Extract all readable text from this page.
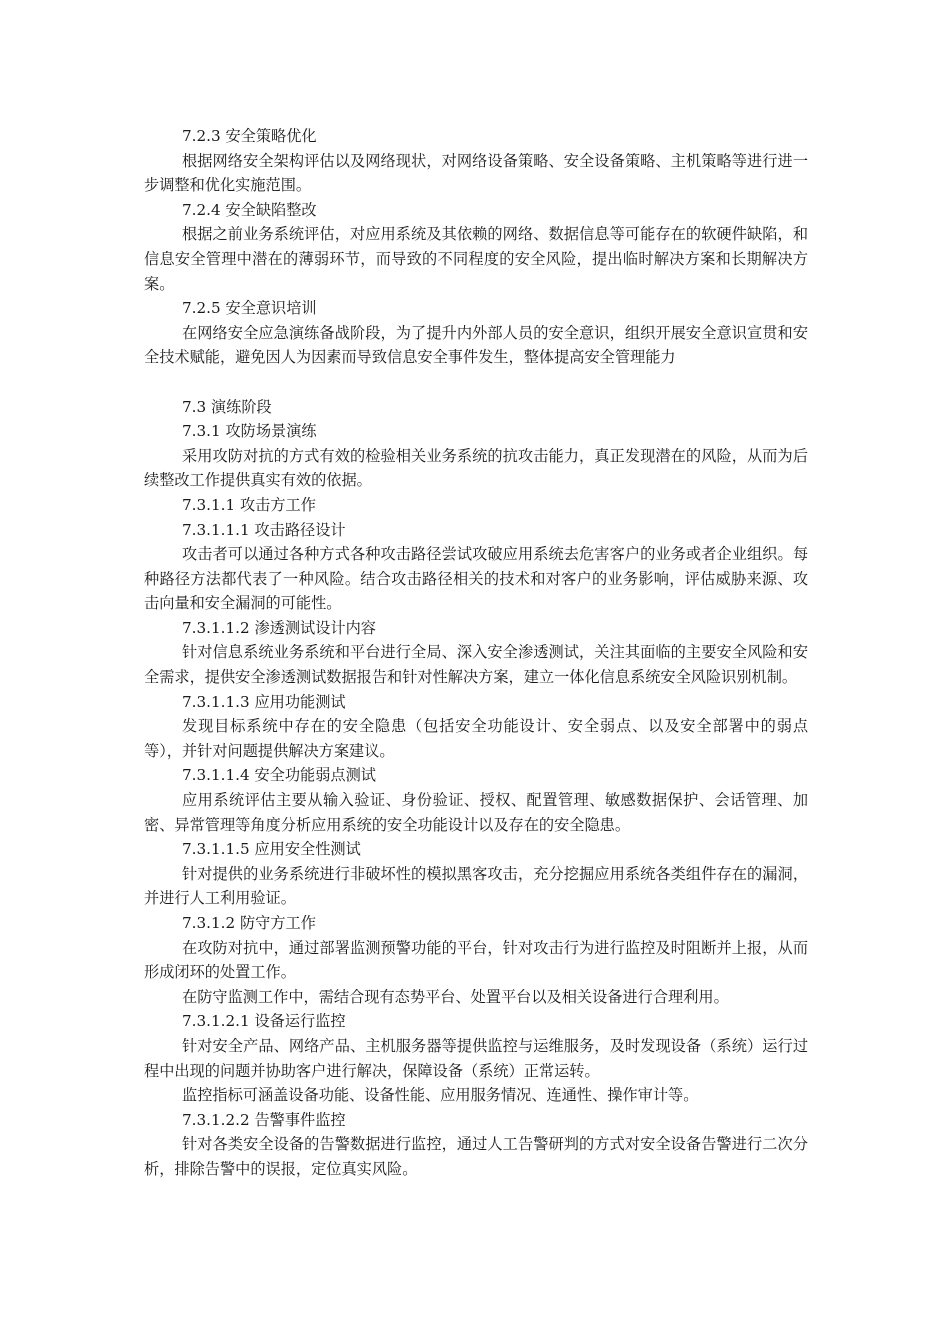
7.2.3 安全策略优化
根据网络安全架构评估以及网络现状，对网络设备策略、安全设备策略、主机策略等进行进一步调整和优化实施范围。
7.2.4 安全缺陷整改
根据之前业务系统评估，对应用系统及其依赖的网络、数据信息等可能存在的软硬件缺陷，和信息安全管理中潜在的薄弱环节，而导致的不同程度的安全风险，提出临时解决方案和长期解决方案。
7.2.5 安全意识培训
在网络安全应急演练备战阶段，为了提升内外部人员的安全意识，组织开展安全意识宣贯和安全技术赋能，避免因人为因素而导致信息安全事件发生，整体提高安全管理能力
7.3 演练阶段
7.3.1 攻防场景演练
采用攻防对抗的方式有效的检验相关业务系统的抗攻击能力，真正发现潜在的风险，从而为后续整改工作提供真实有效的依据。
7.3.1.1 攻击方工作
7.3.1.1.1 攻击路径设计
攻击者可以通过各种方式各种攻击路径尝试攻破应用系统去危害客户的业务或者企业组织。每种路径方法都代表了一种风险。结合攻击路径相关的技术和对客户的业务影响，评估威胁来源、攻击向量和安全漏洞的可能性。
7.3.1.1.2 渗透测试设计内容
针对信息系统业务系统和平台进行全局、深入安全渗透测试，关注其面临的主要安全风险和安全需求，提供安全渗透测试数据报告和针对性解决方案，建立一体化信息系统安全风险识别机制。
7.3.1.1.3 应用功能测试
发现目标系统中存在的安全隐患（包括安全功能设计、安全弱点、以及安全部署中的弱点等），并针对问题提供解决方案建议。
7.3.1.1.4 安全功能弱点测试
应用系统评估主要从输入验证、身份验证、授权、配置管理、敏感数据保护、会话管理、加密、异常管理等角度分析应用系统的安全功能设计以及存在的安全隐患。
7.3.1.1.5 应用安全性测试
针对提供的业务系统进行非破坏性的模拟黑客攻击，充分挖掘应用系统各类组件存在的漏洞，并进行人工利用验证。
7.3.1.2 防守方工作
在攻防对抗中，通过部署监测预警功能的平台，针对攻击行为进行监控及时阻断并上报，从而形成闭环的处置工作。
在防守监测工作中，需结合现有态势平台、处置平台以及相关设备进行合理利用。
7.3.1.2.1 设备运行监控
针对安全产品、网络产品、主机服务器等提供监控与运维服务，及时发现设备（系统）运行过程中出现的问题并协助客户进行解决，保障设备（系统）正常运转。
监控指标可涵盖设备功能、设备性能、应用服务情况、连通性、操作审计等。
7.3.1.2.2 告警事件监控
针对各类安全设备的告警数据进行监控，通过人工告警研判的方式对安全设备告警进行二次分析，排除告警中的误报，定位真实风险。
